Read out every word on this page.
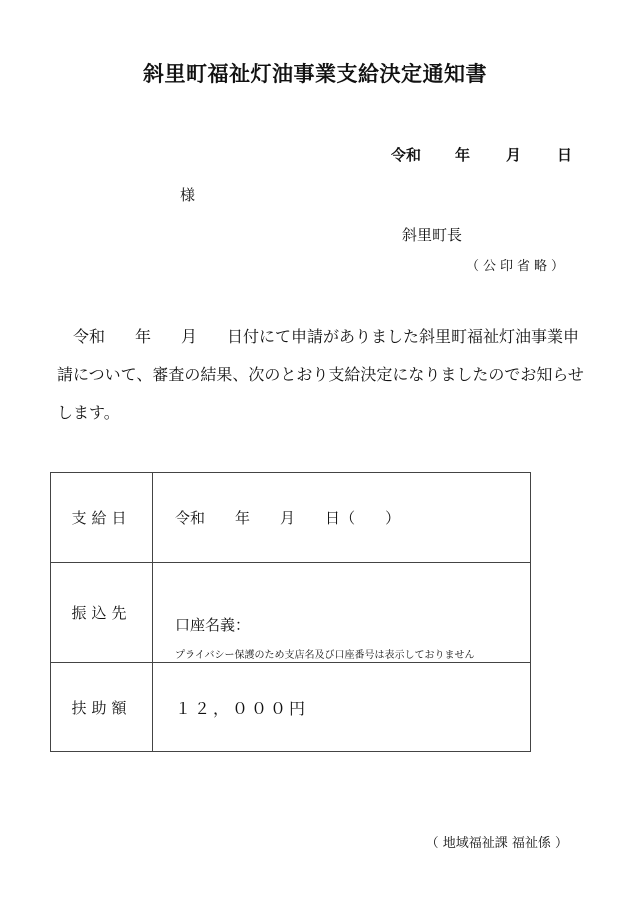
斜里町福祉灯油事業支給決定通知書
令和 年 月 日
様
斜里町長
（公印省略）
令和 年 月 日付にて申請がありました斜里町福祉灯油事業申請について、審査の結果、次のとおり支給決定になりましたのでお知らせします。
支給日	令和 年 月 日（　　）
振込先	口座名義：
プライバシー保護のため支店名及び口座番号は表示しておりません

扶助額	１２，０００円
（ 地域福祉課 福祉係 ）
